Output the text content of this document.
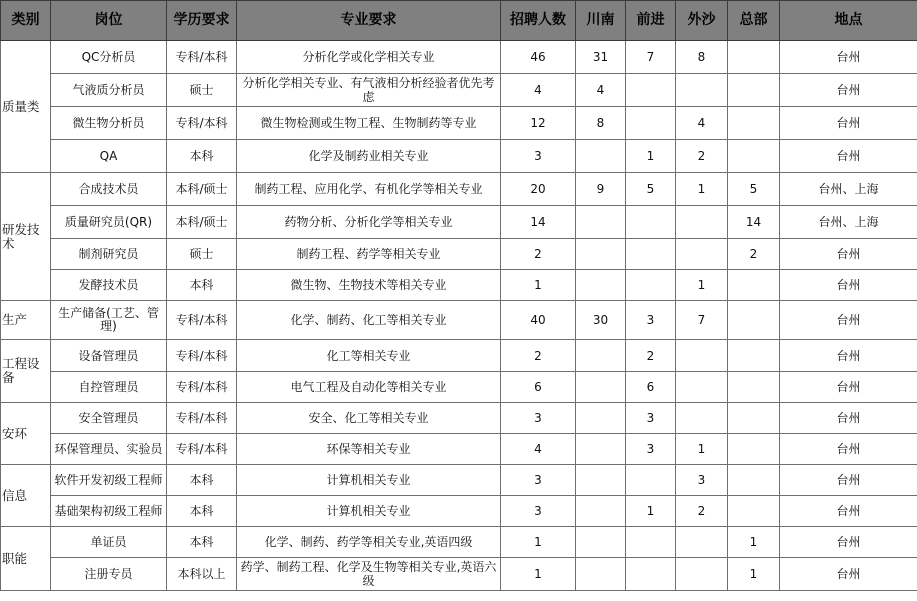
类别	岗位	学历要求	专业要求	招聘人数	川南	前进	外沙	总部	地点
质量类	QC分析员	专科/本科	分析化学或化学相关专业	46	31	7	8		台州
	气液质分析员	硕士	分析化学相关专业、有气液相分析经验者优先考虑	4	4				台州
	微生物分析员	专科/本科	微生物检测或生物工程、生物制药等专业	12	8		4		台州
	QA	本科	化学及制药业相关专业	3		1	2		台州
研发技术	合成技术员	本科/硕士	制药工程、应用化学、有机化学等相关专业	20	9	5	1	5	台州、上海
	质量研究员(QR)	本科/硕士	药物分析、分析化学等相关专业	14				14	台州、上海
	制剂研究员	硕士	制药工程、药学等相关专业	2				2	台州
	发酵技术员	本科	微生物、生物技术等相关专业	1			1		台州
生产	生产储备(工艺、管理)	专科/本科	化学、制药、化工等相关专业	40	30	3	7		台州
工程设备	设备管理员	专科/本科	化工等相关专业	2		2			台州
	自控管理员	专科/本科	电气工程及自动化等相关专业	6		6			台州
安环	安全管理员	专科/本科	安全、化工等相关专业	3		3			台州

	环保管理员、实验员	专科/本科	环保等相关专业	4		3	1		台州
信息	软件开发初级工程师	本科	计算机相关专业	3			3		台州

	基础架构初级工程师	本科	计算机相关专业	3		1	2		台州
职能	单证员	本科	化学、制药、药学等相关专业,英语四级	1				1	台州
	注册专员	本科以上	药学、制药工程、化学及生物等相关专业,英语六级	1				1	台州
